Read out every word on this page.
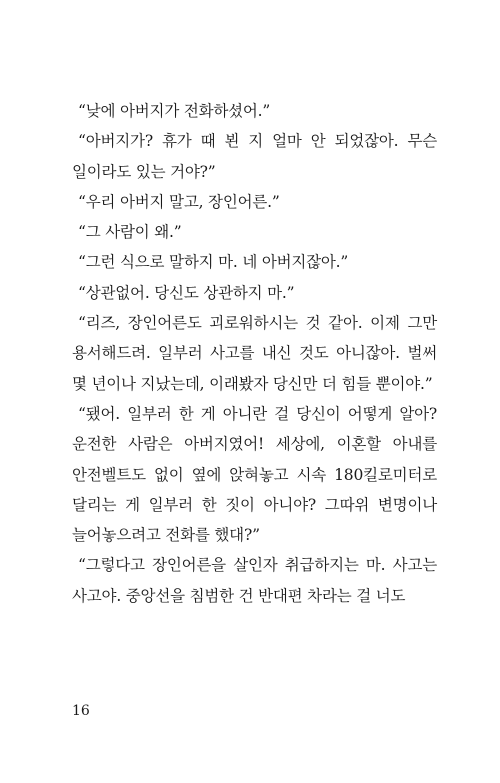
“낮에 아버지가 전화하셨어.”

“아버지가? 휴가 때 뵌 지 얼마 안 되었잖아. 무슨 일이라도 있는 거야?”

“우리 아버지 말고, 장인어른.”

“그 사람이 왜.”

“그런 식으로 말하지 마. 네 아버지잖아.”

“상관없어. 당신도 상관하지 마.”

“리즈, 장인어른도 괴로워하시는 것 같아. 이제 그만 용서해드려. 일부러 사고를 내신 것도 아니잖아. 벌써 몇 년이나 지났는데, 이래봤자 당신만 더 힘들 뿐이야.”

“됐어. 일부러 한 게 아니란 걸 당신이 어떻게 알아? 운전한 사람은 아버지였어! 세상에, 이혼할 아내를 안전벨트도 없이 옆에 앉혀놓고 시속 180킬로미터로 달리는 게 일부러 한 짓이 아니야? 그따위 변명이나 늘어놓으려고 전화를 했대?”

“그렇다고 장인어른을 살인자 취급하지는 마. 사고는 사고야. 중앙선을 침범한 건 반대편 차라는 걸 너도

16
